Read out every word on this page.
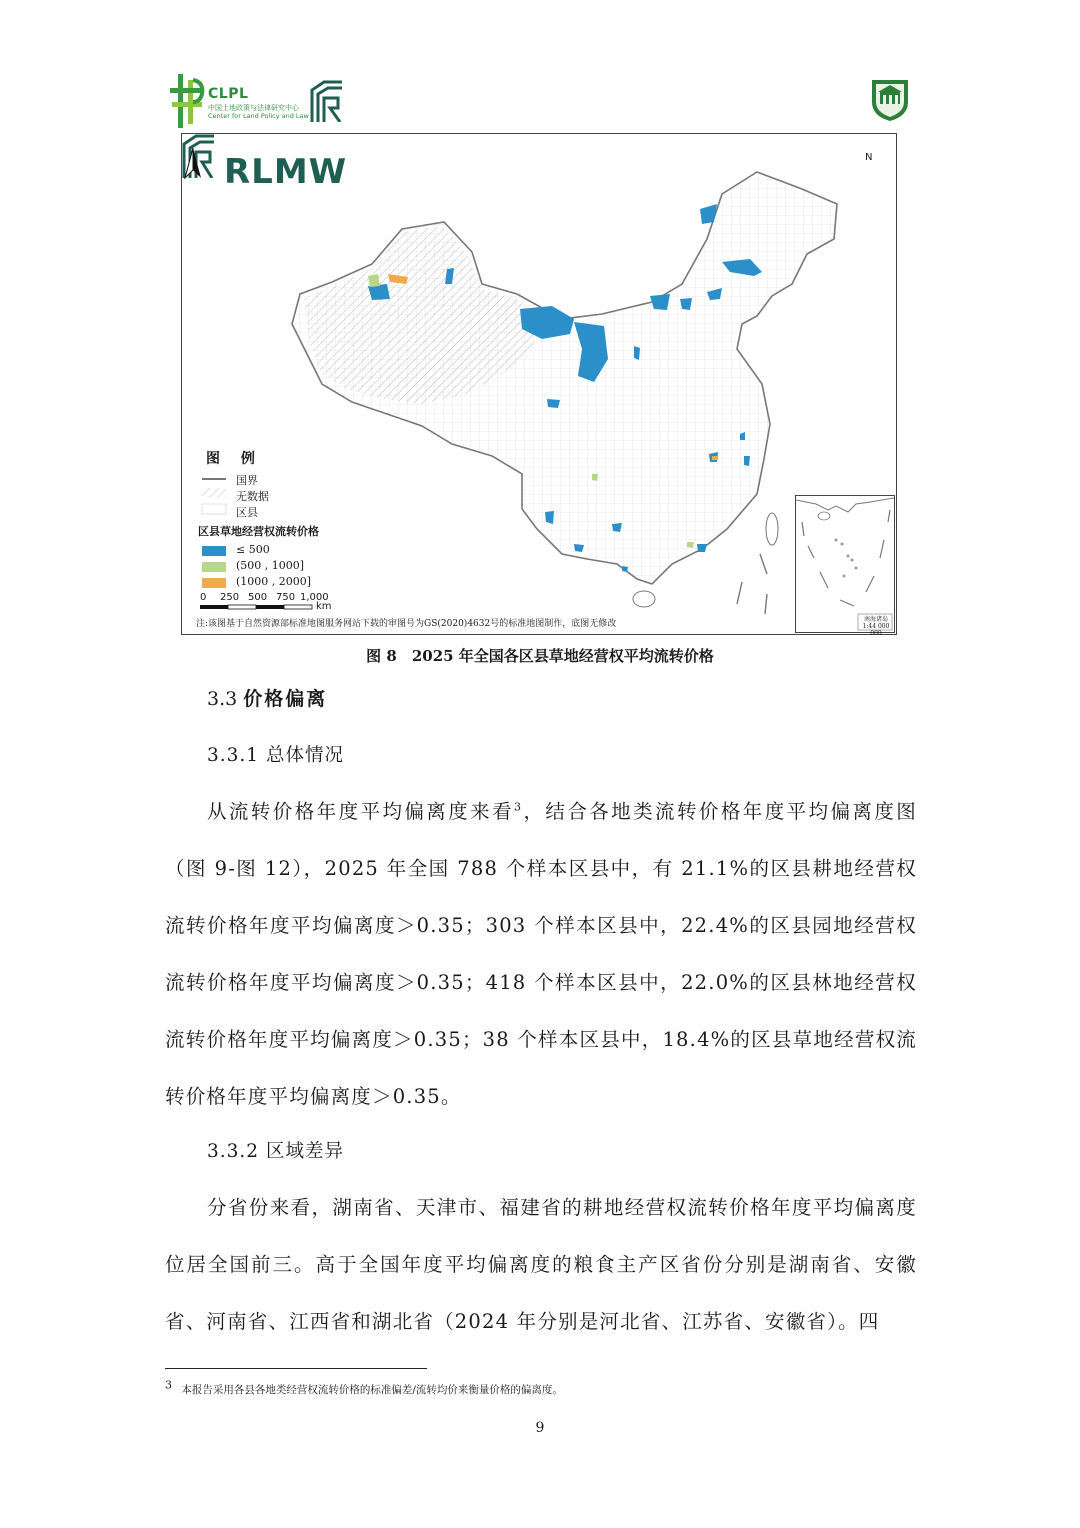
CLPL
中国土地政策与法律研究中心
Center for Land Policy and Law
RLMW	N
图 例
国界
无数据
区县
区县草地经营权流转价格
≤ 500
(500 , 1000]
(1000 , 2000]
0 250 500 750 1,000
km
注:该图基于自然资源部标准地图服务网站下载的审图号为GS(2020)4632号的标准地图制作，底图无修改	南海诸岛
1:44 000 000
图 8　2025 年全国各区县草地经营权平均流转价格
3.3 价格偏离
3.3.1 总体情况
从流转价格年度平均偏离度来看$^3$，结合各地类流转价格年度平均偏离度图（图 9-图 12），2025 年全国 788 个样本区县中，有 21.1%的区县耕地经营权流转价格年度平均偏离度＞0.35；303 个样本区县中，22.4%的区县园地经营权流转价格年度平均偏离度＞0.35；418 个样本区县中，22.0%的区县林地经营权流转价格年度平均偏离度＞0.35；38 个样本区县中，18.4%的区县草地经营权流转价格年度平均偏离度＞0.35。
3.3.2 区域差异
分省份来看，湖南省、天津市、福建省的耕地经营权流转价格年度平均偏离度位居全国前三。高于全国年度平均偏离度的粮食主产区省份分别是湖南省、安徽省、河南省、江西省和湖北省（2024 年分别是河北省、江苏省、安徽省）。四
$^3$ 本报告采用各县各地类经营权流转价格的标准偏差/流转均价来衡量价格的偏离度。
9
